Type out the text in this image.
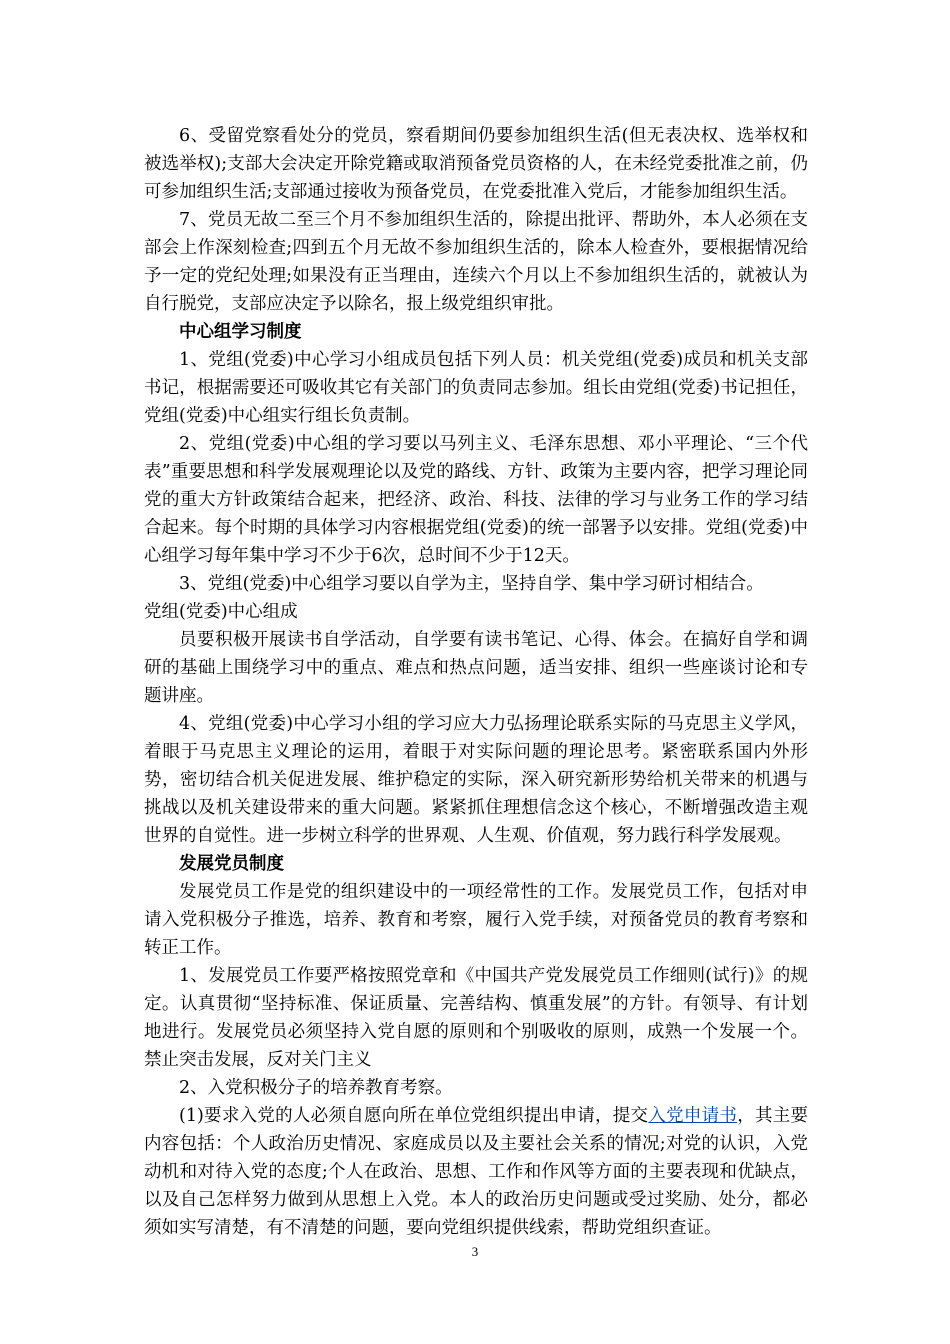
6、受留党察看处分的党员，察看期间仍要参加组织生活(但无表决权、选举权和被选举权);支部大会决定开除党籍或取消预备党员资格的人，在未经党委批准之前，仍可参加组织生活;支部通过接收为预备党员，在党委批准入党后，才能参加组织生活。

7、党员无故二至三个月不参加组织生活的，除提出批评、帮助外，本人必须在支部会上作深刻检查;四到五个月无故不参加组织生活的，除本人检查外，要根据情况给予一定的党纪处理;如果没有正当理由，连续六个月以上不参加组织生活的，就被认为自行脱党，支部应决定予以除名，报上级党组织审批。

中心组学习制度

1、党组(党委)中心学习小组成员包括下列人员：机关党组(党委)成员和机关支部书记，根据需要还可吸收其它有关部门的负责同志参加。组长由党组(党委)书记担任，党组(党委)中心组实行组长负责制。

2、党组(党委)中心组的学习要以马列主义、毛泽东思想、邓小平理论、“三个代表”重要思想和科学发展观理论以及党的路线、方针、政策为主要内容，把学习理论同党的重大方针政策结合起来，把经济、政治、科技、法律的学习与业务工作的学习结合起来。每个时期的具体学习内容根据党组(党委)的统一部署予以安排。党组(党委)中心组学习每年集中学习不少于6次，总时间不少于12天。

3、党组(党委)中心组学习要以自学为主，坚持自学、集中学习研讨相结合。

党组(党委)中心组成

员要积极开展读书自学活动，自学要有读书笔记、心得、体会。在搞好自学和调研的基础上围绕学习中的重点、难点和热点问题，适当安排、组织一些座谈讨论和专题讲座。

4、党组(党委)中心学习小组的学习应大力弘扬理论联系实际的马克思主义学风，着眼于马克思主义理论的运用，着眼于对实际问题的理论思考。紧密联系国内外形势，密切结合机关促进发展、维护稳定的实际，深入研究新形势给机关带来的机遇与挑战以及机关建设带来的重大问题。紧紧抓住理想信念这个核心，不断增强改造主观世界的自觉性。进一步树立科学的世界观、人生观、价值观，努力践行科学发展观。

发展党员制度

发展党员工作是党的组织建设中的一项经常性的工作。发展党员工作，包括对申请入党积极分子推选，培养、教育和考察，履行入党手续，对预备党员的教育考察和转正工作。

1、发展党员工作要严格按照党章和《中国共产党发展党员工作细则(试行)》的规定。认真贯彻“坚持标准、保证质量、完善结构、慎重发展”的方针。有领导、有计划地进行。发展党员必须坚持入党自愿的原则和个别吸收的原则，成熟一个发展一个。禁止突击发展，反对关门主义

2、入党积极分子的培养教育考察。

(1)要求入党的人必须自愿向所在单位党组织提出申请，提交入党申请书，其主要内容包括：个人政治历史情况、家庭成员以及主要社会关系的情况;对党的认识，入党动机和对待入党的态度;个人在政治、思想、工作和作风等方面的主要表现和优缺点，以及自己怎样努力做到从思想上入党。本人的政治历史问题或受过奖励、处分，都必须如实写清楚，有不清楚的问题，要向党组织提供线索，帮助党组织查证。

3
